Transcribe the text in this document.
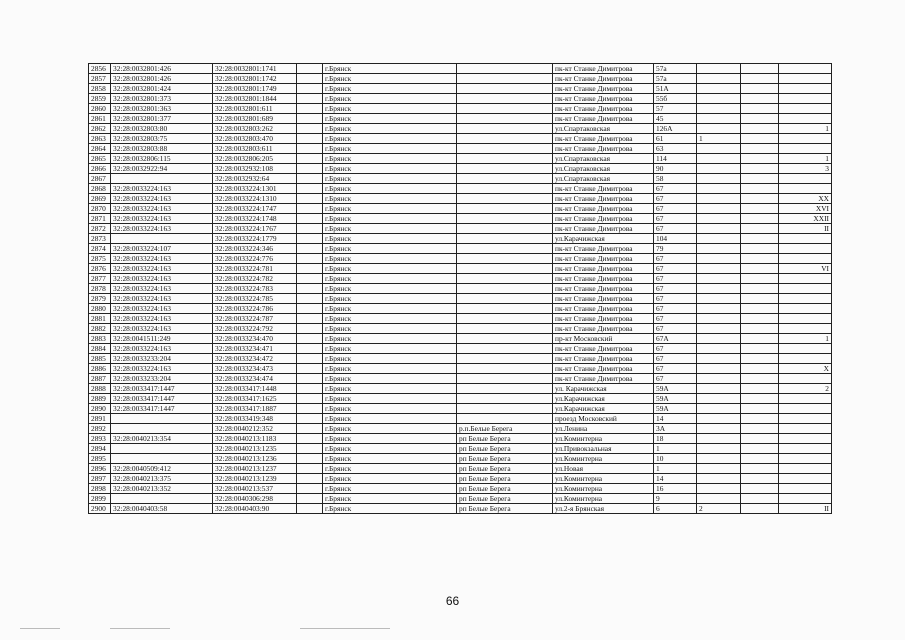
2856	32:28:0032801:426	32:28:0032801:1741		г.Брянск		пк-кт Станке Димитрова	57а			
2857	32:28:0032801:426	32:28:0032801:1742		г.Брянск		пк-кт Станке Димитрова	57а			
2858	32:28:0032801:424	32:28:0032801:1749		г.Брянск		пк-кт Станке Димитрова	51А			
2859	32:28:0032801:373	32:28:0032801:1844		г.Брянск		пк-кт Станке Димитрова	55б			
2860	32:28:0032801:363	32:28:0032801:611		г.Брянск		пк-кт Станке Димитрова	57			
2861	32:28:0032801:377	32:28:0032801:689		г.Брянск		пк-кт Станке Димитрова	45			
2862	32:28:0032803:80	32:28:0032803:262		г.Брянск		ул.Спартаковская	126А			1
2863	32:28:0032803:75	32:28:0032803:470		г.Брянск		пк-кт Станке Димитрова	61	1		
2864	32:28:0032803:88	32:28:0032803:611		г.Брянск		пк-кт Станке Димитрова	63			
2865	32:28:0032806:115	32:28:0032806:205		г.Брянск		ул.Спартаковская	114			1
2866	32:28:0032922:94	32:28:0032932:108		г.Брянск		ул.Спартаковская	90			3
2867		32:28:0032932:64		г.Брянск		ул.Спартаковская	58			
2868	32:28:0033224:163	32:28:0033224:1301		г.Брянск		пк-кт Станке Димитрова	67			
2869	32:28:0033224:163	32:28:0033224:1310		г.Брянск		пк-кт Станке Димитрова	67			XX
2870	32:28:0033224:163	32:28:0033224:1747		г.Брянск		пк-кт Станке Димитрова	67			XVI
2871	32:28:0033224:163	32:28:0033224:1748		г.Брянск		пк-кт Станке Димитрова	67			XXII
2872	32:28:0033224:163	32:28:0033224:1767		г.Брянск		пк-кт Станке Димитрова	67			II
2873		32:28:0033224:1779		г.Брянск		ул.Карачижская	104			
2874	32:28:0033224:107	32:28:0033224:346		г.Брянск		пк-кт Станке Димитрова	79			
2875	32:28:0033224:163	32:28:0033224:776		г.Брянск		пк-кт Станке Димитрова	67			
2876	32:28:0033224:163	32:28:0033224:781		г.Брянск		пк-кт Станке Димитрова	67			VI
2877	32:28:0033224:163	32:28:0033224:782		г.Брянск		пк-кт Станке Димитрова	67			
2878	32:28:0033224:163	32:28:0033224:783		г.Брянск		пк-кт Станке Димитрова	67			
2879	32:28:0033224:163	32:28:0033224:785		г.Брянск		пк-кт Станке Димитрова	67			
2880	32:28:0033224:163	32:28:0033224:786		г.Брянск		пк-кт Станке Димитрова	67			
2881	32:28:0033224:163	32:28:0033224:787		г.Брянск		пк-кт Станке Димитрова	67			
2882	32:28:0033224:163	32:28:0033224:792		г.Брянск		пк-кт Станке Димитрова	67			
2883	32:28:0041511:249	32:28:0033234:470		г.Брянск		пр-кт Московский	67А			1
2884	32:28:0033224:163	32:28:0033234:471		г.Брянск		пк-кт Станке Димитрова	67			
2885	32:28:0033233:204	32:28:0033234:472		г.Брянск		пк-кт Станке Димитрова	67			
2886	32:28:0033224:163	32:28:0033234:473		г.Брянск		пк-кт Станке Димитрова	67			X
2887	32:28:0033233:204	32:28:0033234:474		г.Брянск		пк-кт Станке Димитрова	67			
2888	32:28:0033417:1447	32:28:0033417:1448		г.Брянск		ул. Карачижская	59А			2
2889	32:28:0033417:1447	32:28:0033417:1625		г.Брянск		ул.Карачижская	59А			
2890	32:28:0033417:1447	32:28:0033417:1887		г.Брянск		ул.Карачижская	59А			
2891		32:28:0033419:348		г.Брянск		проезд Московский	14			
2892		32:28:0040212:352		г.Брянск	р.п.Белые Берега	ул.Ленина	3А			
2893	32:28:0040213:354	32:28:0040213:1183		г.Брянск	рп Белые Берега	ул.Коминтерна	18			
2894		32:28:0040213:1235		г.Брянск	рп Белые Берега	ул.Привокзальная	1			
2895		32:28:0040213:1236		г.Брянск	рп Белые Берега	ул.Коминтерна	10			
2896	32:28:0040509:412	32:28:0040213:1237		г.Брянск	рп Белые Берега	ул.Новая	1			
2897	32:28:0040213:375	32:28:0040213:1239		г.Брянск	рп Белые Берега	ул.Коминтерна	14			
2898	32:28:0040213:352	32:28:0040213:537		г.Брянск	рп Белые Берега	ул.Коминтерна	16			
2899		32:28:0040306:298		г.Брянск	рп Белые Берега	ул.Коминтерна	9			
2900	32:28:0040403:58	32:28:0040403:90		г.Брянск	рп Белые Берега	ул.2-я Брянская	6	2		II
66
